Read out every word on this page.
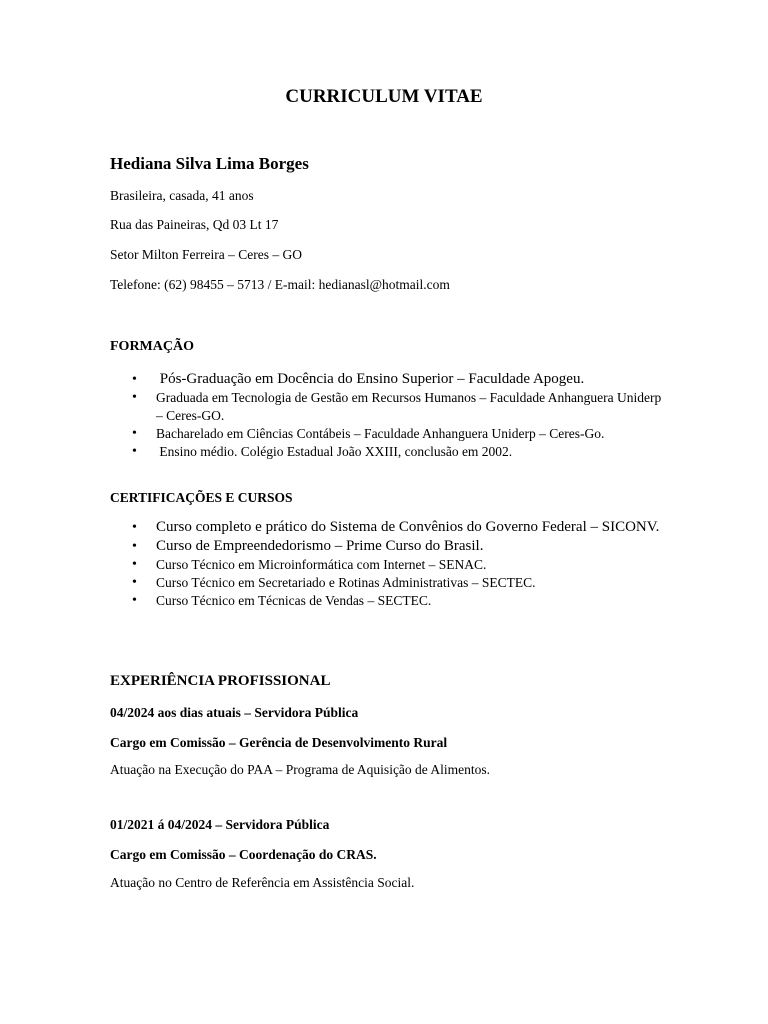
CURRICULUM VITAE
Hediana Silva Lima Borges

Brasileira, casada, 41 anos

Rua das Paineiras, Qd 03 Lt 17

Setor Milton Ferreira – Ceres – GO

Telefone: (62) 98455 – 5713 / E-mail: hedianasl@hotmail.com

FORMAÇÃO
• Pós-Graduação em Docência do Ensino Superior – Faculdade Apogeu.
• Graduada em Tecnologia de Gestão em Recursos Humanos – Faculdade Anhanguera Uniderp – Ceres-GO.
• Bacharelado em Ciências Contábeis – Faculdade Anhanguera Uniderp – Ceres-Go.
• Ensino médio. Colégio Estadual João XXIII, conclusão em 2002.
CERTIFICAÇÕES E CURSOS
• Curso completo e prático do Sistema de Convênios do Governo Federal – SICONV.
• Curso de Empreendedorismo – Prime Curso do Brasil.
• Curso Técnico em Microinformática com Internet – SENAC.
• Curso Técnico em Secretariado e Rotinas Administrativas – SECTEC.
• Curso Técnico em Técnicas de Vendas – SECTEC.
EXPERIÊNCIA PROFISSIONAL

04/2024 aos dias atuais – Servidora Pública

Cargo em Comissão – Gerência de Desenvolvimento Rural

Atuação na Execução do PAA – Programa de Aquisição de Alimentos.

01/2021 á 04/2024 – Servidora Pública

Cargo em Comissão – Coordenação do CRAS.

Atuação no Centro de Referência em Assistência Social.
